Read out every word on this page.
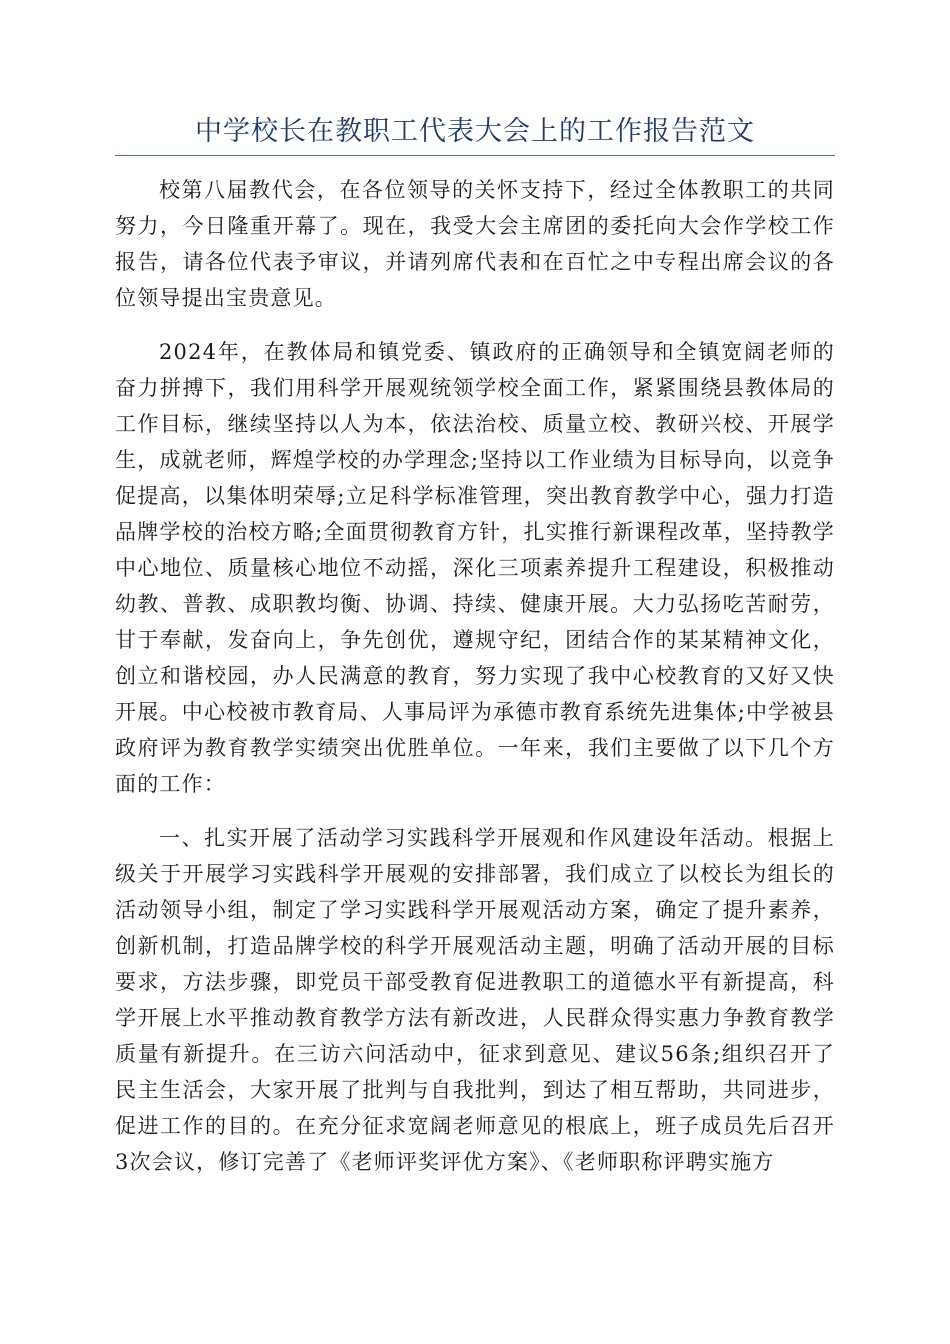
中学校长在教职工代表大会上的工作报告范文

校第八届教代会，在各位领导的关怀支持下，经过全体教职工的共同努力，今日隆重开幕了。现在，我受大会主席团的委托向大会作学校工作报告，请各位代表予审议，并请列席代表和在百忙之中专程出席会议的各位领导提出宝贵意见。

2024年，在教体局和镇党委、镇政府的正确领导和全镇宽阔老师的奋力拼搏下，我们用科学开展观统领学校全面工作，紧紧围绕县教体局的工作目标，继续坚持以人为本，依法治校、质量立校、教研兴校、开展学生，成就老师，辉煌学校的办学理念;坚持以工作业绩为目标导向，以竞争促提高，以集体明荣辱;立足科学标准管理，突出教育教学中心，强力打造品牌学校的治校方略;全面贯彻教育方针，扎实推行新课程改革，坚持教学中心地位、质量核心地位不动摇，深化三项素养提升工程建设，积极推动幼教、普教、成职教均衡、协调、持续、健康开展。大力弘扬吃苦耐劳，甘于奉献，发奋向上，争先创优，遵规守纪，团结合作的某某精神文化，创立和谐校园，办人民满意的教育，努力实现了我中心校教育的又好又快开展。中心校被市教育局、人事局评为承德市教育系统先进集体;中学被县政府评为教育教学实绩突出优胜单位。一年来，我们主要做了以下几个方面的工作：

一、扎实开展了活动学习实践科学开展观和作风建设年活动。根据上级关于开展学习实践科学开展观的安排部署，我们成立了以校长为组长的活动领导小组，制定了学习实践科学开展观活动方案，确定了提升素养，创新机制，打造品牌学校的科学开展观活动主题，明确了活动开展的目标要求，方法步骤，即党员干部受教育促进教职工的道德水平有新提高，科学开展上水平推动教育教学方法有新改进，人民群众得实惠力争教育教学质量有新提升。在三访六问活动中，征求到意见、建议56条;组织召开了民主生活会，大家开展了批判与自我批判，到达了相互帮助，共同进步，促进工作的目的。在充分征求宽阔老师意见的根底上，班子成员先后召开3次会议，修订完善了《老师评奖评优方案》、《老师职称评聘实施方
